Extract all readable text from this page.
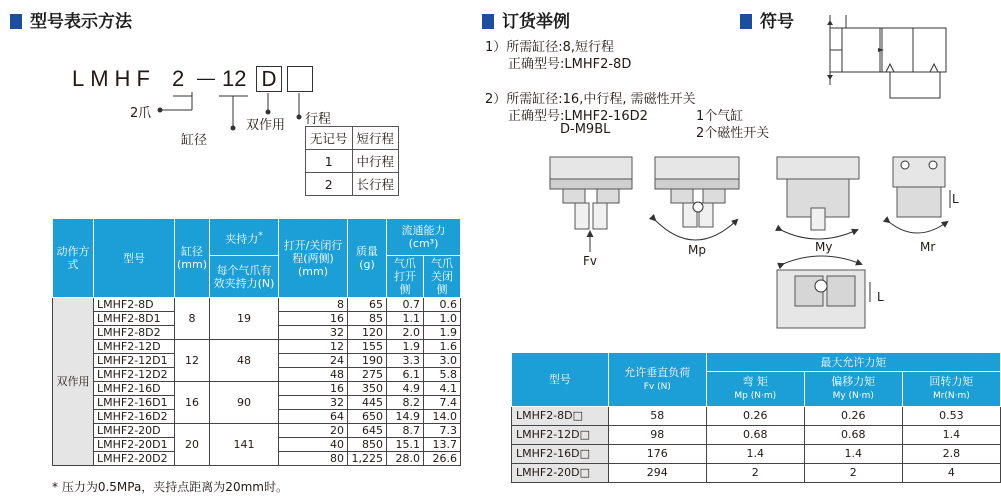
型号表示方法	订货举例	符号
LMHF 2 — 12 D
2爪
缸径
双作用 行程
无记号	短行程
1	中行程
2	长行程
1）所需缸径:8,短行程
正确型号:LMHF2-8D
2）所需缸径:16,中行程, 需磁性开关
正确型号:LMHF2-16D2	1个气缸
D-M9BL	2个磁性开关
Fv
Mp	My	Mr
L
L
动作方式	型号	缸径(mm)	夹持力*	打开/关闭行程(两侧)(mm)	质量(g)	流通能力
(cm³)	
			每个气爪有效夹持力(N)			气爪打开侧	气爪关闭侧
双作用	LMHF2-8D	8	19	8	65	0.7	0.6
	LMHF2-8D1			16	85	1.1	1.0
	LMHF2-8D2			32	120	2.0	1.9
	LMHF2-12D	12	48	12	155	1.9	1.6
	LMHF2-12D1			24	190	3.3	3.0
	LMHF2-12D2			48	275	6.1	5.8
	LMHF2-16D	16	90	16	350	4.9	4.1
	LMHF2-16D1			32	445	8.2	7.4
	LMHF2-16D2			64	650	14.9	14.0
	LMHF2-20D	20	141	20	645	8.7	7.3
	LMHF2-20D1			40	850	15.1	13.7
	LMHF2-20D2			80	1,225	28.0	26.6
* 压力为0.5MPa，夹持点距离为20mm时。
型号	允许垂直负荷
Fv (N)	最大允许力矩		
		弯 矩
Mp (N·m)	偏移力矩
My (N·m)	回转力矩
Mr(N·m)
LMHF2-8D□	58	0.26	0.26	0.53
LMHF2-12D□	98	0.68	0.68	1.4
LMHF2-16D□	176	1.4	1.4	2.8
LMHF2-20D□	294	2	2	4
